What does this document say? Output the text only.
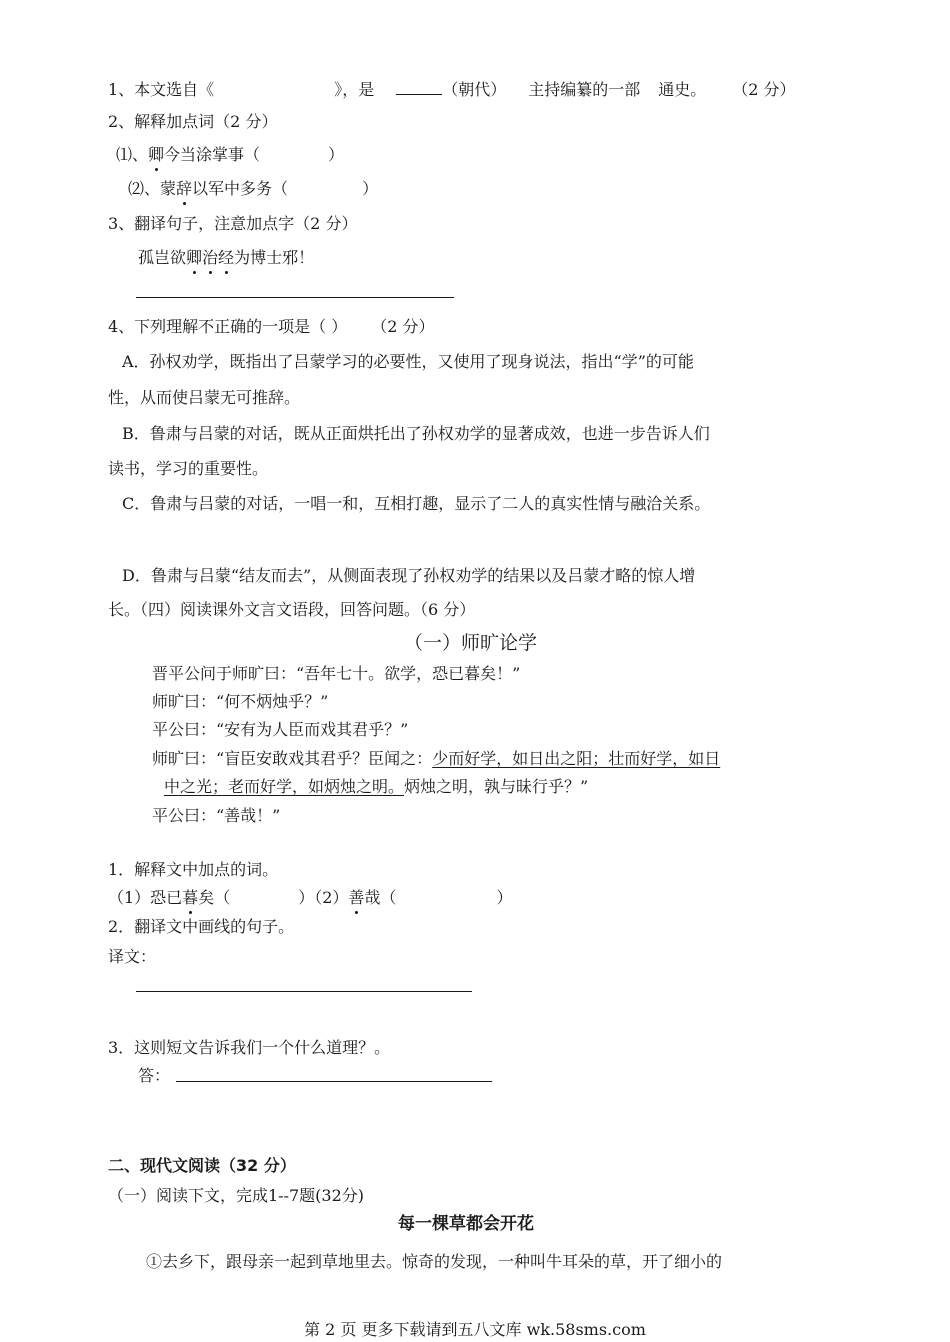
1、本文选自《	》，是	（朝代） 主持编纂的一部 通史。 （2 分）
2、解释加点词（2 分）
⑴、卿今当涂掌事（	）
⑵、蒙辞以军中多务（	）
3、翻译句子，注意加点字（2 分）
孤岂欲卿治经为博士邪！
4、下列理解不正确的一项是（ ） （2 分）
A．孙权劝学，既指出了吕蒙学习的必要性，又使用了现身说法，指出“学”的可能
性，从而使吕蒙无可推辞。
B．鲁肃与吕蒙的对话，既从正面烘托出了孙权劝学的显著成效，也进一步告诉人们
读书，学习的重要性。
C．鲁肃与吕蒙的对话，一唱一和，互相打趣，显示了二人的真实性情与融洽关系。
D．鲁肃与吕蒙“结友而去”，从侧面表现了孙权劝学的结果以及吕蒙才略的惊人增
长。（四）阅读课外文言文语段，回答问题。（6 分）
（一）师旷论学
晋平公问于师旷曰：“吾年七十。欲学，恐已暮矣！”
师旷曰：“何不炳烛乎？”
平公曰：“安有为人臣而戏其君乎？”
师旷曰：“盲臣安敢戏其君乎？臣闻之：少而好学，如日出之阳；壮而好学，如日
中之光；老而好学，如炳烛之明。炳烛之明，孰与昧行乎？”
平公曰：“善哉！”
1．解释文中加点的词。
（1）恐已暮矣（	）（2）善哉（	）
2．翻译文中画线的句子。
译文：
3．这则短文告诉我们一个什么道理？。
答：
二、现代文阅读（32 分）
（一）阅读下文，完成1--7题(32分)
每一棵草都会开花
①去乡下，跟母亲一起到草地里去。惊奇的发现，一种叫牛耳朵的草，开了细小的
第 2 页 更多下载请到五八文库 wk.58sms.com
